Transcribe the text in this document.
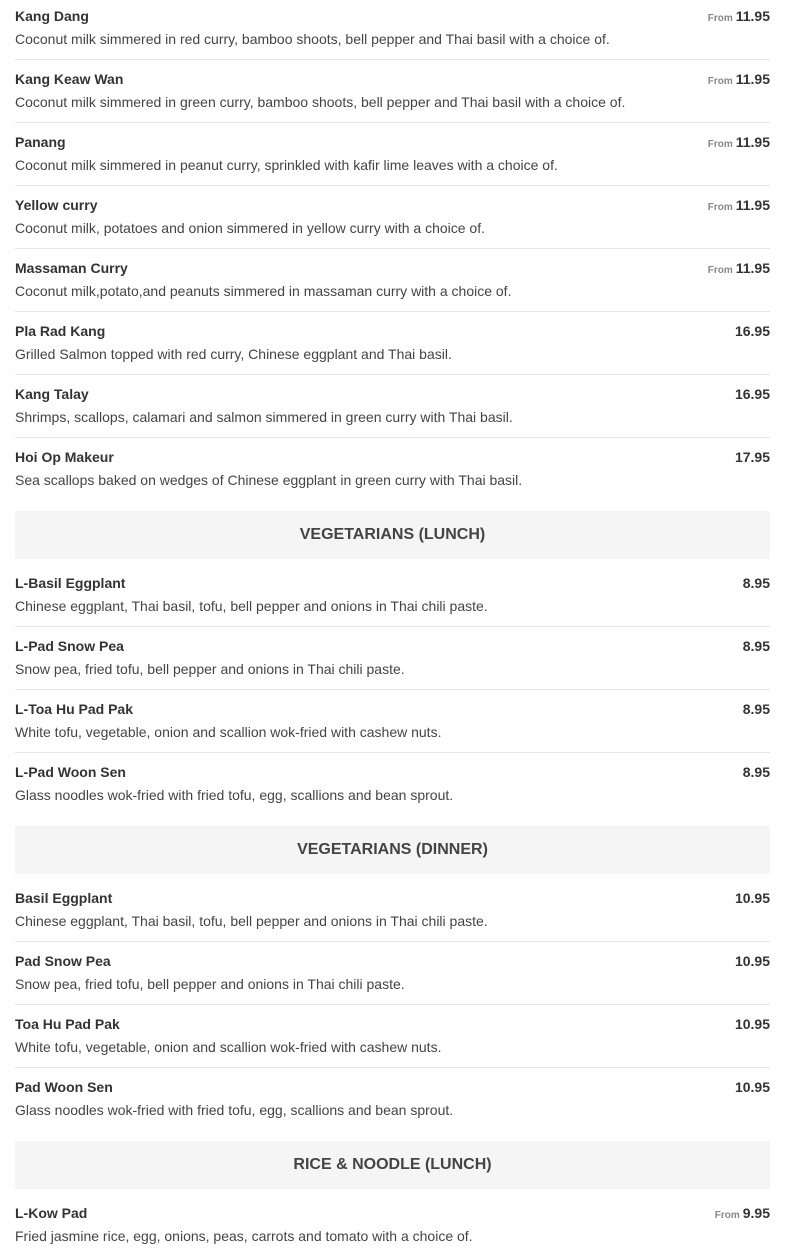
Kang Dang	From 11.95
Coconut milk simmered in red curry, bamboo shoots, bell pepper and Thai basil with a choice of.
Kang Keaw Wan	From 11.95
Coconut milk simmered in green curry, bamboo shoots, bell pepper and Thai basil with a choice of.
Panang	From 11.95
Coconut milk simmered in peanut curry, sprinkled with kafir lime leaves with a choice of.
Yellow curry	From 11.95
Coconut milk, potatoes and onion simmered in yellow curry with a choice of.
Massaman Curry	From 11.95
Coconut milk,potato,and peanuts simmered in massaman curry with a choice of.
Pla Rad Kang	16.95
Grilled Salmon topped with red curry, Chinese eggplant and Thai basil.
Kang Talay	16.95
Shrimps, scallops, calamari and salmon simmered in green curry with Thai basil.
Hoi Op Makeur	17.95
Sea scallops baked on wedges of Chinese eggplant in green curry with Thai basil.
VEGETARIANS (LUNCH)
L-Basil Eggplant	8.95
Chinese eggplant, Thai basil, tofu, bell pepper and onions in Thai chili paste.
L-Pad Snow Pea	8.95
Snow pea, fried tofu, bell pepper and onions in Thai chili paste.
L-Toa Hu Pad Pak	8.95
White tofu, vegetable, onion and scallion wok-fried with cashew nuts.
L-Pad Woon Sen	8.95
Glass noodles wok-fried with fried tofu, egg, scallions and bean sprout.
VEGETARIANS (DINNER)
Basil Eggplant	10.95
Chinese eggplant, Thai basil, tofu, bell pepper and onions in Thai chili paste.
Pad Snow Pea	10.95
Snow pea, fried tofu, bell pepper and onions in Thai chili paste.
Toa Hu Pad Pak	10.95
White tofu, vegetable, onion and scallion wok-fried with cashew nuts.
Pad Woon Sen	10.95
Glass noodles wok-fried with fried tofu, egg, scallions and bean sprout.
RICE & NOODLE (LUNCH)
L-Kow Pad	From 9.95
Fried jasmine rice, egg, onions, peas, carrots and tomato with a choice of.
